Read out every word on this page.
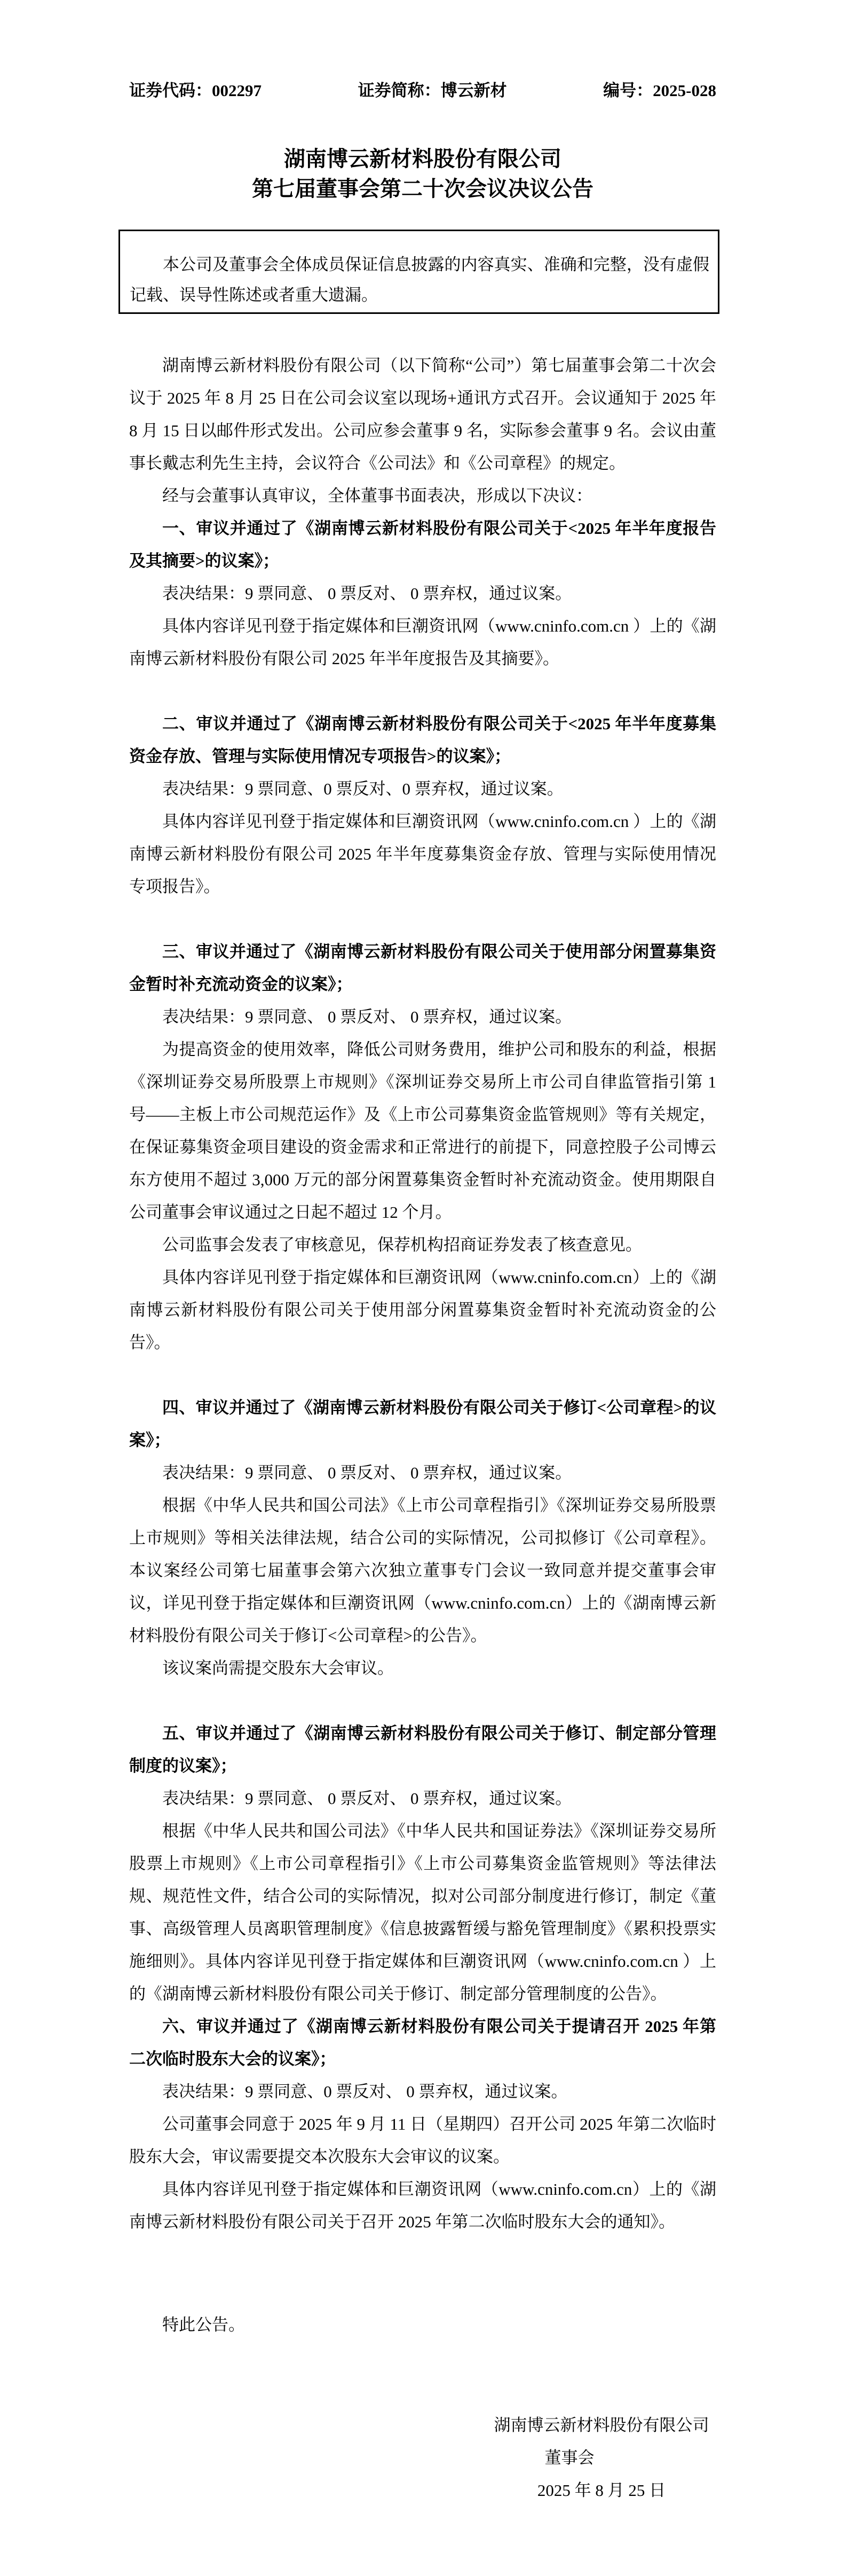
证券代码：002297	证券简称：博云新材	编号：2025-028
湖南博云新材料股份有限公司
第七届董事会第二十次会议决议公告

本公司及董事会全体成员保证信息披露的内容真实、准确和完整，没有虚假记载、误导性陈述或者重大遗漏。

湖南博云新材料股份有限公司（以下简称“公司”）第七届董事会第二十次会议于 2025 年 8 月 25 日在公司会议室以现场+通讯方式召开。会议通知于 2025 年 8 月 15 日以邮件形式发出。公司应参会董事 9 名，实际参会董事 9 名。会议由董事长戴志利先生主持，会议符合《公司法》和《公司章程》的规定。

经与会董事认真审议，全体董事书面表决，形成以下决议：

一、审议并通过了《湖南博云新材料股份有限公司关于<2025 年半年度报告及其摘要>的议案》；

表决结果：9 票同意、 0 票反对、 0 票弃权，通过议案。

具体内容详见刊登于指定媒体和巨潮资讯网（www.cninfo.com.cn ）上的《湖南博云新材料股份有限公司 2025 年半年度报告及其摘要》。

二、审议并通过了《湖南博云新材料股份有限公司关于<2025 年半年度募集资金存放、管理与实际使用情况专项报告>的议案》；

表决结果：9 票同意、0 票反对、0 票弃权，通过议案。

具体内容详见刊登于指定媒体和巨潮资讯网（www.cninfo.com.cn ）上的《湖南博云新材料股份有限公司 2025 年半年度募集资金存放、管理与实际使用情况专项报告》。

三、审议并通过了《湖南博云新材料股份有限公司关于使用部分闲置募集资金暂时补充流动资金的议案》；

表决结果：9 票同意、 0 票反对、 0 票弃权，通过议案。

为提高资金的使用效率，降低公司财务费用，维护公司和股东的利益，根据《深圳证券交易所股票上市规则》《深圳证券交易所上市公司自律监管指引第 1 号——主板上市公司规范运作》及《上市公司募集资金监管规则》等有关规定，在保证募集资金项目建设的资金需求和正常进行的前提下，同意控股子公司博云东方使用不超过 3,000 万元的部分闲置募集资金暂时补充流动资金。使用期限自公司董事会审议通过之日起不超过 12 个月。

公司监事会发表了审核意见，保荐机构招商证券发表了核查意见。

具体内容详见刊登于指定媒体和巨潮资讯网（www.cninfo.com.cn）上的《湖南博云新材料股份有限公司关于使用部分闲置募集资金暂时补充流动资金的公告》。

四、审议并通过了《湖南博云新材料股份有限公司关于修订<公司章程>的议案》；

表决结果：9 票同意、 0 票反对、 0 票弃权，通过议案。

根据《中华人民共和国公司法》《上市公司章程指引》《深圳证券交易所股票上市规则》等相关法律法规，结合公司的实际情况，公司拟修订《公司章程》。本议案经公司第七届董事会第六次独立董事专门会议一致同意并提交董事会审议，详见刊登于指定媒体和巨潮资讯网（www.cninfo.com.cn）上的《湖南博云新材料股份有限公司关于修订<公司章程>的公告》。

该议案尚需提交股东大会审议。

五、审议并通过了《湖南博云新材料股份有限公司关于修订、制定部分管理制度的议案》；

表决结果：9 票同意、 0 票反对、 0 票弃权，通过议案。

根据《中华人民共和国公司法》《中华人民共和国证券法》《深圳证券交易所股票上市规则》《上市公司章程指引》《上市公司募集资金监管规则》等法律法规、规范性文件，结合公司的实际情况，拟对公司部分制度进行修订，制定《董事、高级管理人员离职管理制度》《信息披露暂缓与豁免管理制度》《累积投票实施细则》。具体内容详见刊登于指定媒体和巨潮资讯网（www.cninfo.com.cn ）上的《湖南博云新材料股份有限公司关于修订、制定部分管理制度的公告》。

六、审议并通过了《湖南博云新材料股份有限公司关于提请召开 2025 年第二次临时股东大会的议案》；

表决结果：9 票同意、0 票反对、 0 票弃权，通过议案。

公司董事会同意于 2025 年 9 月 11 日（星期四）召开公司 2025 年第二次临时股东大会，审议需要提交本次股东大会审议的议案。

具体内容详见刊登于指定媒体和巨潮资讯网（www.cninfo.com.cn）上的《湖南博云新材料股份有限公司关于召开 2025 年第二次临时股东大会的通知》。

特此公告。

湖南博云新材料股份有限公司
董事会
2025 年 8 月 25 日
